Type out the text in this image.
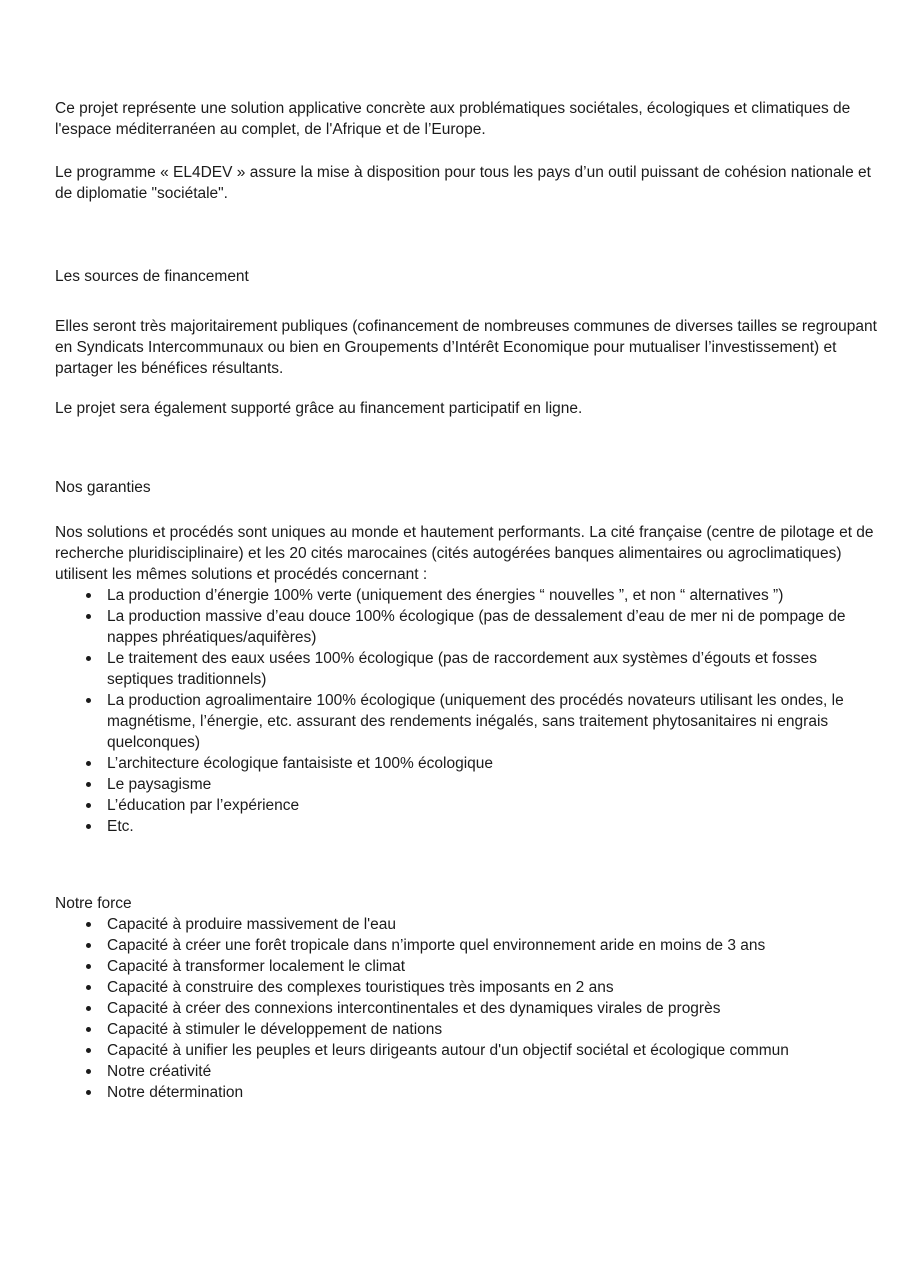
Ce projet représente une solution applicative concrète aux problématiques sociétales, écologiques et climatiques de
l'espace méditerranéen au complet, de l'Afrique et de l’Europe.
Le programme « EL4DEV » assure la mise à disposition pour tous les pays d’un outil puissant de cohésion nationale et
de diplomatie "sociétale".
Les sources de financement
Elles seront très majoritairement publiques (cofinancement de nombreuses communes de diverses tailles se regroupant
en Syndicats Intercommunaux ou bien en Groupements d’Intérêt Economique pour mutualiser l’investissement) et
partager les bénéfices résultants.
Le projet sera également supporté grâce au financement participatif en ligne.
Nos garanties
Nos solutions et procédés sont uniques au monde et hautement performants. La cité française (centre de pilotage et de
recherche pluridisciplinaire) et les 20 cités marocaines (cités autogérées banques alimentaires ou agroclimatiques)
utilisent les mêmes solutions et procédés concernant :
La production d’énergie 100% verte (uniquement des énergies “ nouvelles ”, et non “ alternatives ”)
La production massive d’eau douce 100% écologique (pas de dessalement d’eau de mer ni de pompage de
nappes phréatiques/aquifères)
Le traitement des eaux usées 100% écologique (pas de raccordement aux systèmes d’égouts et fosses
septiques traditionnels)
La production agroalimentaire 100% écologique (uniquement des procédés novateurs utilisant les ondes, le
magnétisme, l’énergie, etc. assurant des rendements inégalés, sans traitement phytosanitaires ni engrais
quelconques)
L’architecture écologique fantaisiste et 100% écologique
Le paysagisme
L’éducation par l’expérience
Etc.
Notre force
Capacité à produire massivement de l'eau
Capacité à créer une forêt tropicale dans n’importe quel environnement aride en moins de 3 ans
Capacité à transformer localement le climat
Capacité à construire des complexes touristiques très imposants en 2 ans
Capacité à créer des connexions intercontinentales et des dynamiques virales de progrès
Capacité à stimuler le développement de nations
Capacité à unifier les peuples et leurs dirigeants autour d'un objectif sociétal et écologique commun
Notre créativité
Notre détermination
